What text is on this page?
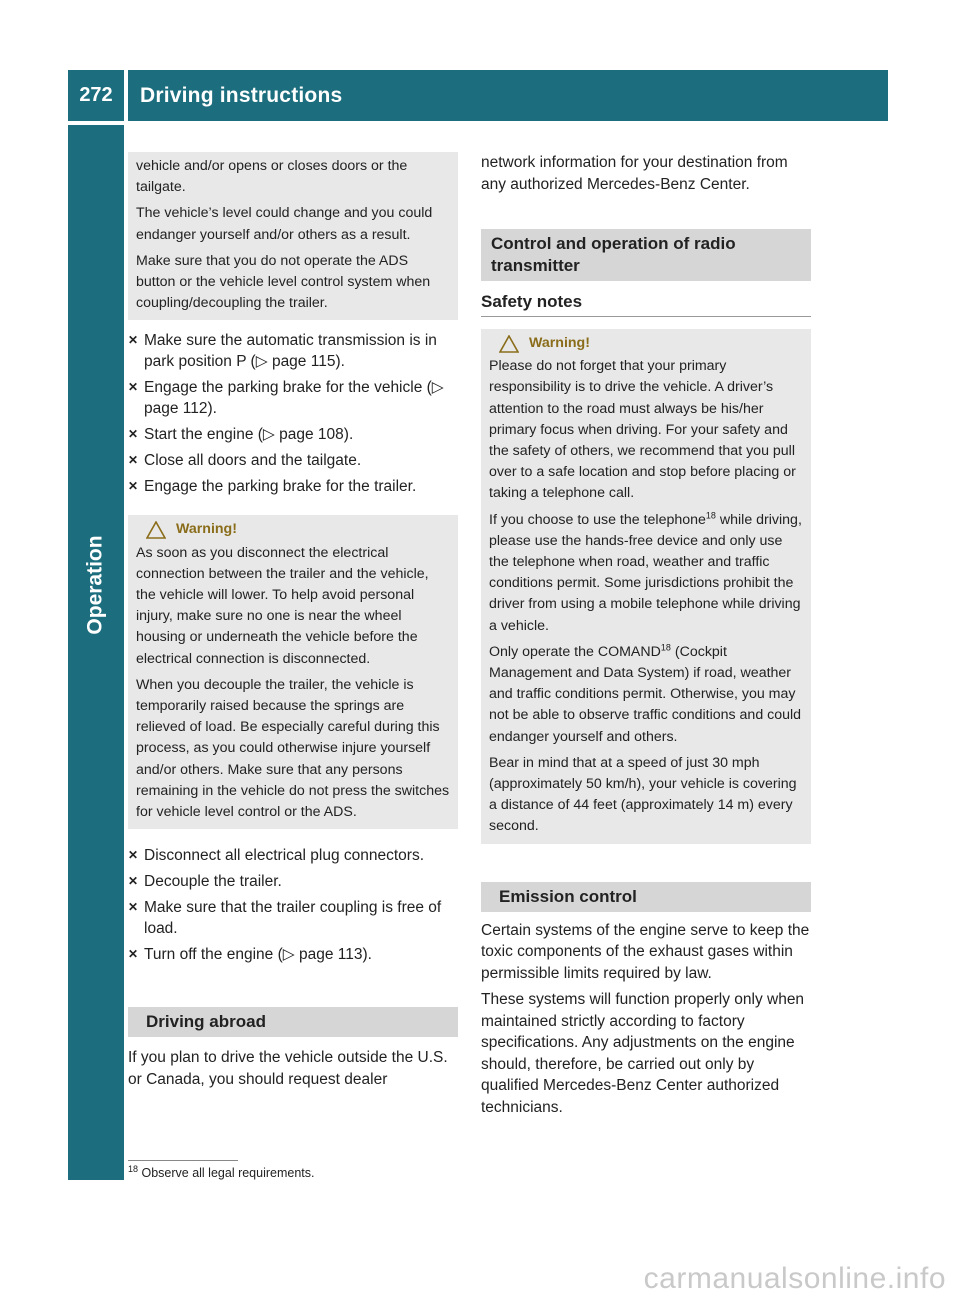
272	Driving instructions
Operation

vehicle and/or opens or closes doors or the tailgate.

The vehicle’s level could change and you could endanger yourself and/or others as a result.

Make sure that you do not operate the ADS button or the vehicle level control system when coupling/decoupling the trailer.

✕ Make sure the automatic transmission is in park position P (▷ page 115).
✕ Engage the parking brake for the vehicle (▷ page 112).
✕ Start the engine (▷ page 108).
✕ Close all doors and the tailgate.
✕ Engage the parking brake for the trailer.
Warning!

As soon as you disconnect the electrical connection between the trailer and the vehicle, the vehicle will lower. To help avoid personal injury, make sure no one is near the wheel housing or underneath the vehicle before the electrical connection is disconnected.

When you decouple the trailer, the vehicle is temporarily raised because the springs are relieved of load. Be especially careful during this process, as you could otherwise injure yourself and/or others. Make sure that any persons remaining in the vehicle do not press the switches for vehicle level control or the ADS.

✕ Disconnect all electrical plug connectors.
✕ Decouple the trailer.
✕ Make sure that the trailer coupling is free of load.
✕ Turn off the engine (▷ page 113).
Driving abroad

If you plan to drive the vehicle outside the U.S. or Canada, you should request dealer

network information for your destination from any authorized Mercedes-Benz Center.

Control and operation of radio transmitter
Safety notes
Warning!

Please do not forget that your primary responsibility is to drive the vehicle. A driver’s attention to the road must always be his/her primary focus when driving. For your safety and the safety of others, we recommend that you pull over to a safe location and stop before placing or taking a telephone call.

If you choose to use the telephone$^{18}$ while driving, please use the hands-free device and only use the telephone when road, weather and traffic conditions permit. Some jurisdictions prohibit the driver from using a mobile telephone while driving a vehicle.

Only operate the COMAND$^{18}$ (Cockpit Management and Data System) if road, weather and traffic conditions permit. Otherwise, you may not be able to observe traffic conditions and could endanger yourself and others.

Bear in mind that at a speed of just 30 mph (approximately 50 km/h), your vehicle is covering a distance of 44 feet (approximately 14 m) every second.

Emission control

Certain systems of the engine serve to keep the toxic components of the exhaust gases within permissible limits required by law.

These systems will function properly only when maintained strictly according to factory specifications. Any adjustments on the engine should, therefore, be carried out only by qualified Mercedes-Benz Center authorized technicians.

$^{18}$ Observe all legal requirements.
carmanualsonline.info
